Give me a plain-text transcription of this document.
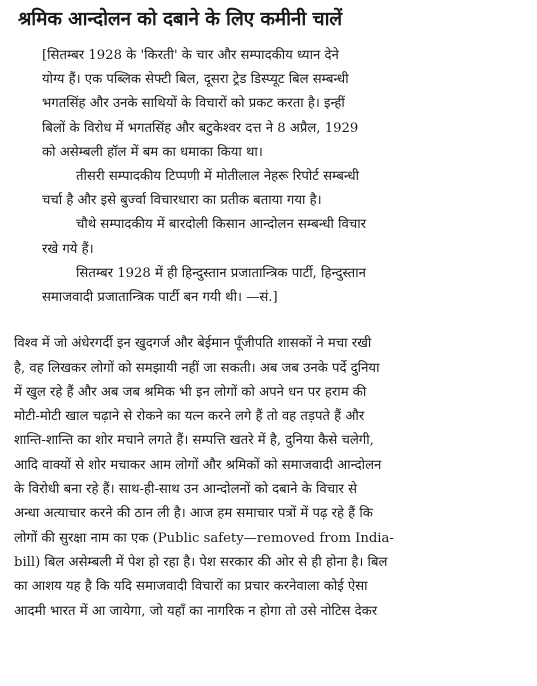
श्रमिक आन्दोलन को दबाने के लिए कमीनी चालें
[सितम्बर 1928 के 'किरती' के चार और सम्पादकीय ध्यान देने
योग्य हैं। एक पब्लिक सेफ्टी बिल, दूसरा ट्रेड डिस्प्यूट बिल सम्बन्धी
भगतसिंह और उनके साथियों के विचारों को प्रकट करता है। इन्हीं
बिलों के विरोध में भगतसिंह और बटुकेश्वर दत्त ने 8 अप्रैल, 1929
को असेम्बली हॉल में बम का धमाका किया था।
तीसरी सम्पादकीय टिप्पणी में मोतीलाल नेहरू रिपोर्ट सम्बन्धी
चर्चा है और इसे बुर्ज्वा विचारधारा का प्रतीक बताया गया है।
चौथे सम्पादकीय में बारदोली किसान आन्दोलन सम्बन्धी विचार
रखे गये हैं।
सितम्बर 1928 में ही हिन्दुस्तान प्रजातान्त्रिक पार्टी, हिन्दुस्तान
समाजवादी प्रजातान्त्रिक पार्टी बन गयी थी। —सं.]
विश्व में जो अंधेरगर्दी इन खुदगर्ज और बेईमान पूँजीपति शासकों ने मचा रखी
है, वह लिखकर लोगों को समझायी नहीं जा सकती। अब जब उनके पर्दे दुनिया
में खुल रहे हैं और अब जब श्रमिक भी इन लोगों को अपने धन पर हराम की
मोटी-मोटी खाल चढ़ाने से रोकने का यत्न करने लगे हैं तो वह तड़पते हैं और
शान्ति-शान्ति का शोर मचाने लगते हैं। सम्पत्ति खतरे में है, दुनिया कैसे चलेगी,
आदि वाक्यों से शोर मचाकर आम लोगों और श्रमिकों को समाजवादी आन्दोलन
के विरोधी बना रहे हैं। साथ-ही-साथ उन आन्दोलनों को दबाने के विचार से
अन्धा अत्याचार करने की ठान ली है। आज हम समाचार पत्रों में पढ़ रहे हैं कि
लोगों की सुरक्षा नाम का एक (Public safety—removed from India-
bill) बिल असेम्बली में पेश हो रहा है। पेश सरकार की ओर से ही होना है। बिल
का आशय यह है कि यदि समाजवादी विचारों का प्रचार करनेवाला कोई ऐसा
आदमी भारत में आ जायेगा, जो यहाँ का नागरिक न होगा तो उसे नोटिस देकर
